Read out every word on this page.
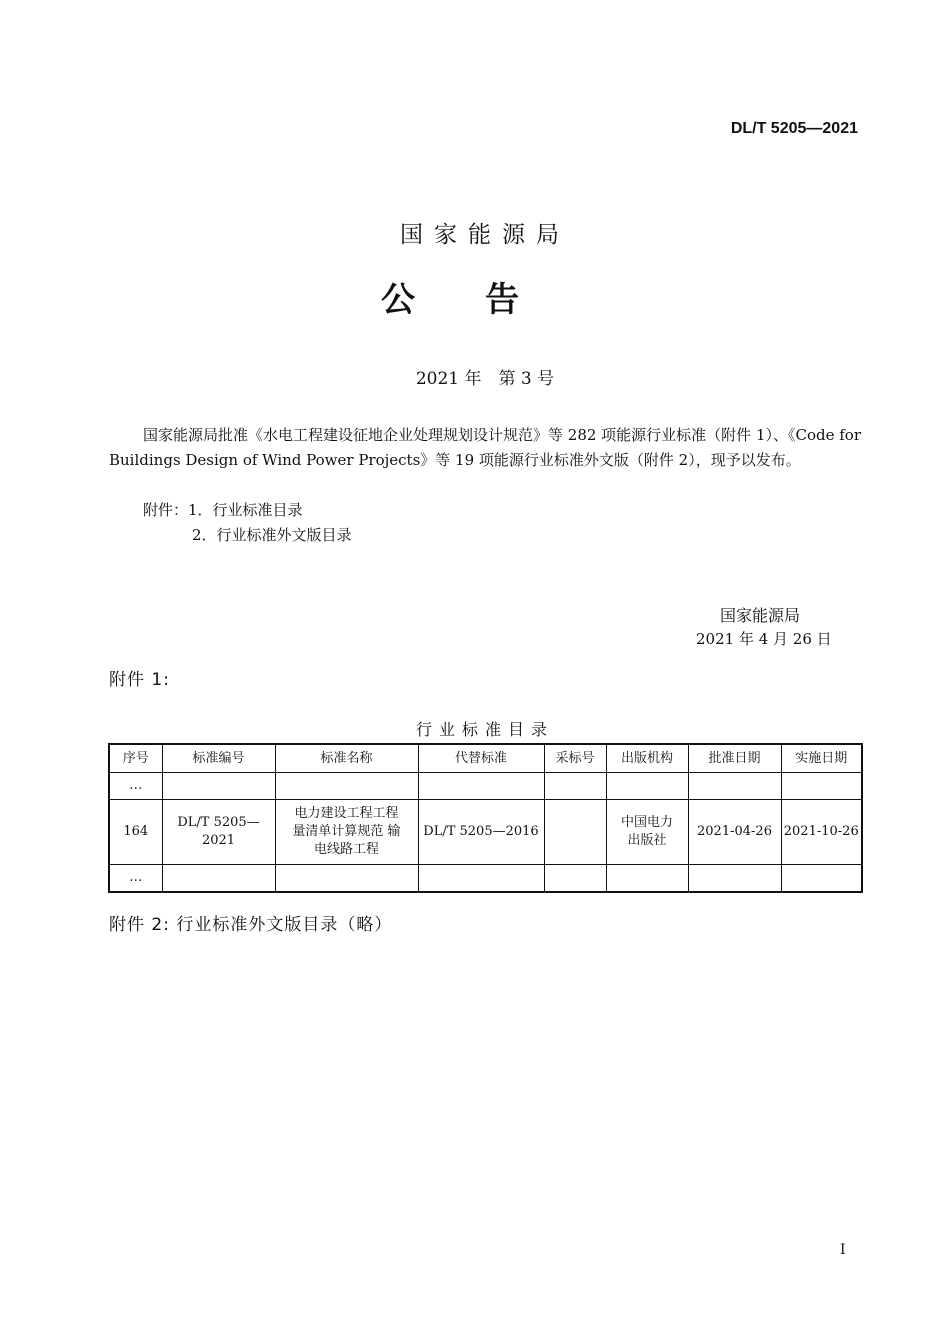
DL/T 5205—2021
国家能源局
公告
2021 年　第 3 号
国家能源局批准《水电工程建设征地企业处理规划设计规范》等 282 项能源行业标准（附件 1）、《Code for Buildings Design of Wind Power Projects》等 19 项能源行业标准外文版（附件 2），现予以发布。
附件：1．行业标准目录
2．行业标准外文版目录
国家能源局
2021 年 4 月 26 日
附件 1:
行业标准目录
序号	标准编号	标准名称	代替标准	采标号	出版机构	批准日期	实施日期
…							
164	DL/T 5205—2021	电力建设工程工程量清单计算规范 输电线路工程	DL/T 5205—2016		中国电力出版社	2021-04-26	2021-10-26
…							
附件 2: 行业标准外文版目录（略）
I
